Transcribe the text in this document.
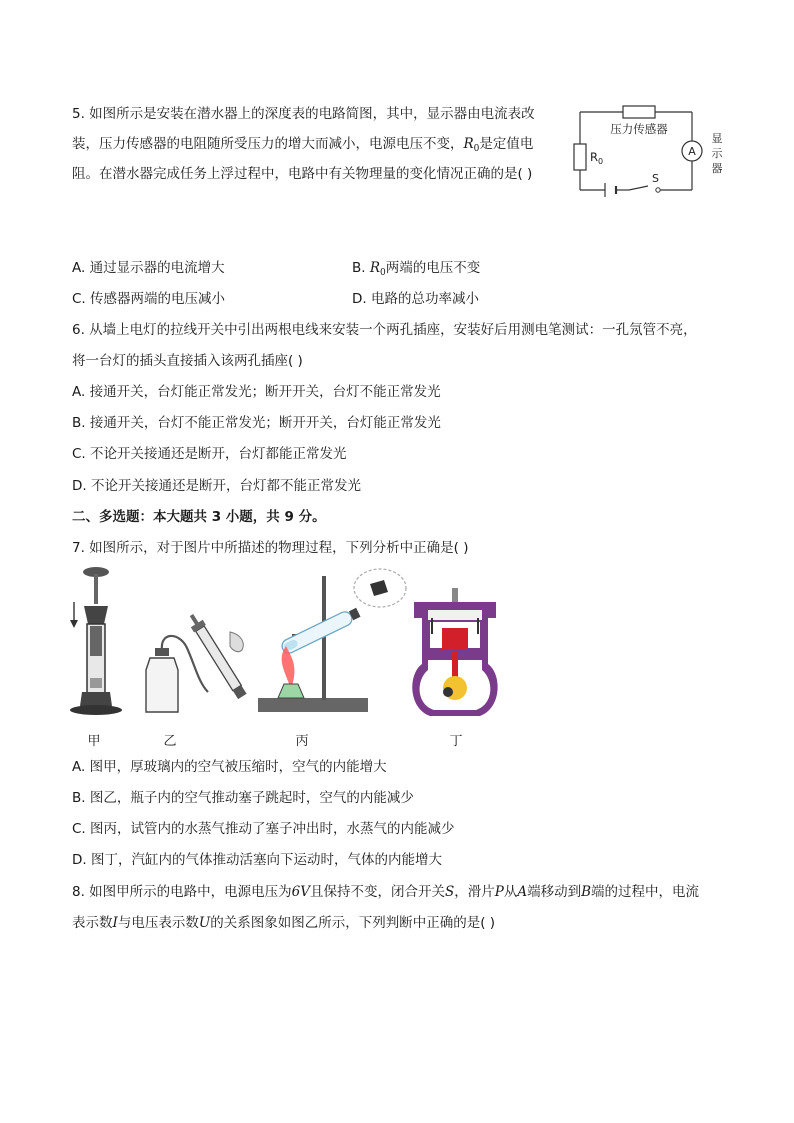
5. 如图所示是安装在潜水器上的深度表的电路简图，其中，显示器由电流表改
装，压力传感器的电阻随所受压力的增大而减小，电源电压不变，$R_0$是定值电
阻。在潜水器完成任务上浮过程中，电路中有关物理量的变化情况正确的是( )
压力传感器
$R_0$
A
显
示
器
S
A. 通过显示器的电流增大	B. $R_0$两端的电压不变
C. 传感器两端的电压减小	D. 电路的总功率减小
6. 从墙上电灯的拉线开关中引出两根电线来安装一个两孔插座，安装好后用测电笔测试：一孔氖管不亮，
将一台灯的插头直接插入该两孔插座( )
A. 接通开关，台灯能正常发光；断开开关，台灯不能正常发光
B. 接通开关，台灯不能正常发光；断开开关，台灯能正常发光
C. 不论开关接通还是断开，台灯都能正常发光
D. 不论开关接通还是断开，台灯都不能正常发光
二、多选题：本大题共 3 小题，共 9 分。
7. 如图所示，对于图片中所描述的物理过程，下列分析中正确是( )
甲	乙	丙	丁
A. 图甲，厚玻璃内的空气被压缩时，空气的内能增大
B. 图乙，瓶子内的空气推动塞子跳起时，空气的内能减少
C. 图丙，试管内的水蒸气推动了塞子冲出时，水蒸气的内能减少
D. 图丁，汽缸内的气体推动活塞向下运动时，气体的内能增大
8. 如图甲所示的电路中，电源电压为6V且保持不变，闭合开关S，滑片P从A端移动到B端的过程中，电流
表示数I与电压表示数U的关系图象如图乙所示，下列判断中正确的是( )
